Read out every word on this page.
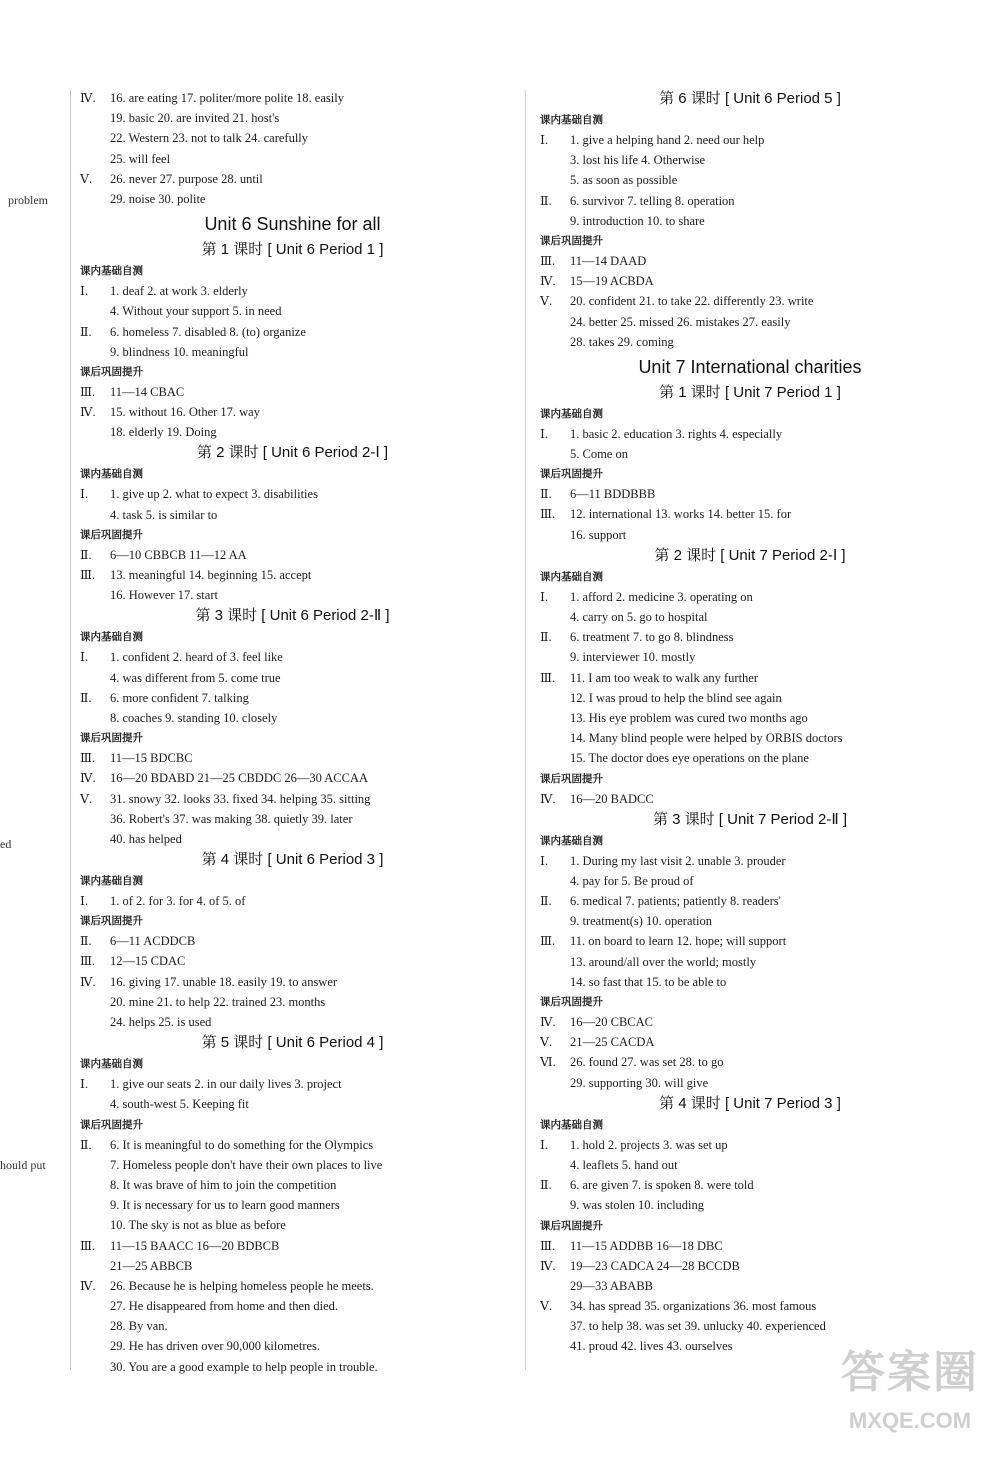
problem
ed
hould put
Ⅳ. 16. are eating 17. politer/more polite 18. easily
19. basic 20. are invited 21. host's
22. Western 23. not to talk 24. carefully
25. will feel
Ⅴ. 26. never 27. purpose 28. until
29. noise 30. polite
Unit 6 Sunshine for all
第 1 课时 [ Unit 6 Period 1 ]
课内基础自测
Ⅰ. 1. deaf 2. at work 3. elderly
4. Without your support 5. in need
Ⅱ. 6. homeless 7. disabled 8. (to) organize
9. blindness 10. meaningful
课后巩固提升
Ⅲ. 11—14 CBAC
Ⅳ. 15. without 16. Other 17. way
18. elderly 19. Doing
第 2 课时 [ Unit 6 Period 2-Ⅰ ]
课内基础自测
Ⅰ. 1. give up 2. what to expect 3. disabilities
4. task 5. is similar to
课后巩固提升
Ⅱ. 6—10 CBBCB 11—12 AA
Ⅲ. 13. meaningful 14. beginning 15. accept
16. However 17. start
第 3 课时 [ Unit 6 Period 2-Ⅱ ]
课内基础自测
Ⅰ. 1. confident 2. heard of 3. feel like
4. was different from 5. come true
Ⅱ. 6. more confident 7. talking
8. coaches 9. standing 10. closely
课后巩固提升
Ⅲ. 11—15 BDCBC
Ⅳ. 16—20 BDABD 21—25 CBDDC 26—30 ACCAA
Ⅴ. 31. snowy 32. looks 33. fixed 34. helping 35. sitting
36. Robert's 37. was making 38. quietly 39. later
40. has helped
第 4 课时 [ Unit 6 Period 3 ]
课内基础自测
Ⅰ. 1. of 2. for 3. for 4. of 5. of
课后巩固提升
Ⅱ. 6—11 ACDDCB
Ⅲ. 12—15 CDAC
Ⅳ. 16. giving 17. unable 18. easily 19. to answer
20. mine 21. to help 22. trained 23. months
24. helps 25. is used
第 5 课时 [ Unit 6 Period 4 ]
课内基础自测
Ⅰ. 1. give our seats 2. in our daily lives 3. project
4. south-west 5. Keeping fit
课后巩固提升
Ⅱ. 6. It is meaningful to do something for the Olympics
7. Homeless people don't have their own places to live
8. It was brave of him to join the competition
9. It is necessary for us to learn good manners
10. The sky is not as blue as before
Ⅲ. 11—15 BAACC 16—20 BDBCB
21—25 ABBCB
Ⅳ. 26. Because he is helping homeless people he meets.
27. He disappeared from home and then died.
28. By van.
29. He has driven over 90,000 kilometres.
30. You are a good example to help people in trouble.
第 6 课时 [ Unit 6 Period 5 ]
课内基础自测
Ⅰ. 1. give a helping hand 2. need our help
3. lost his life 4. Otherwise
5. as soon as possible
Ⅱ. 6. survivor 7. telling 8. operation
9. introduction 10. to share
课后巩固提升
Ⅲ. 11—14 DAAD
Ⅳ. 15—19 ACBDA
Ⅴ. 20. confident 21. to take 22. differently 23. write
24. better 25. missed 26. mistakes 27. easily
28. takes 29. coming
Unit 7 International charities
第 1 课时 [ Unit 7 Period 1 ]
课内基础自测
Ⅰ. 1. basic 2. education 3. rights 4. especially
5. Come on
课后巩固提升
Ⅱ. 6—11 BDDBBB
Ⅲ. 12. international 13. works 14. better 15. for
16. support
第 2 课时 [ Unit 7 Period 2-Ⅰ ]
课内基础自测
Ⅰ. 1. afford 2. medicine 3. operating on
4. carry on 5. go to hospital
Ⅱ. 6. treatment 7. to go 8. blindness
9. interviewer 10. mostly
Ⅲ. 11. I am too weak to walk any further
12. I was proud to help the blind see again
13. His eye problem was cured two months ago
14. Many blind people were helped by ORBIS doctors
15. The doctor does eye operations on the plane
课后巩固提升
Ⅳ. 16—20 BADCC
第 3 课时 [ Unit 7 Period 2-Ⅱ ]
课内基础自测
Ⅰ. 1. During my last visit 2. unable 3. prouder
4. pay for 5. Be proud of
Ⅱ. 6. medical 7. patients; patiently 8. readers'
9. treatment(s) 10. operation
Ⅲ. 11. on board to learn 12. hope; will support
13. around/all over the world; mostly
14. so fast that 15. to be able to
课后巩固提升
Ⅳ. 16—20 CBCAC
Ⅴ. 21—25 CACDA
Ⅵ. 26. found 27. was set 28. to go
29. supporting 30. will give
第 4 课时 [ Unit 7 Period 3 ]
课内基础自测
Ⅰ. 1. hold 2. projects 3. was set up
4. leaflets 5. hand out
Ⅱ. 6. are given 7. is spoken 8. were told
9. was stolen 10. including
课后巩固提升
Ⅲ. 11—15 ADDBB 16—18 DBC
Ⅳ. 19—23 CADCA 24—28 BCCDB
29—33 ABABB
Ⅴ. 34. has spread 35. organizations 36. most famous
37. to help 38. was set 39. unlucky 40. experienced
41. proud 42. lives 43. ourselves
答案圈
MXQE.COM
